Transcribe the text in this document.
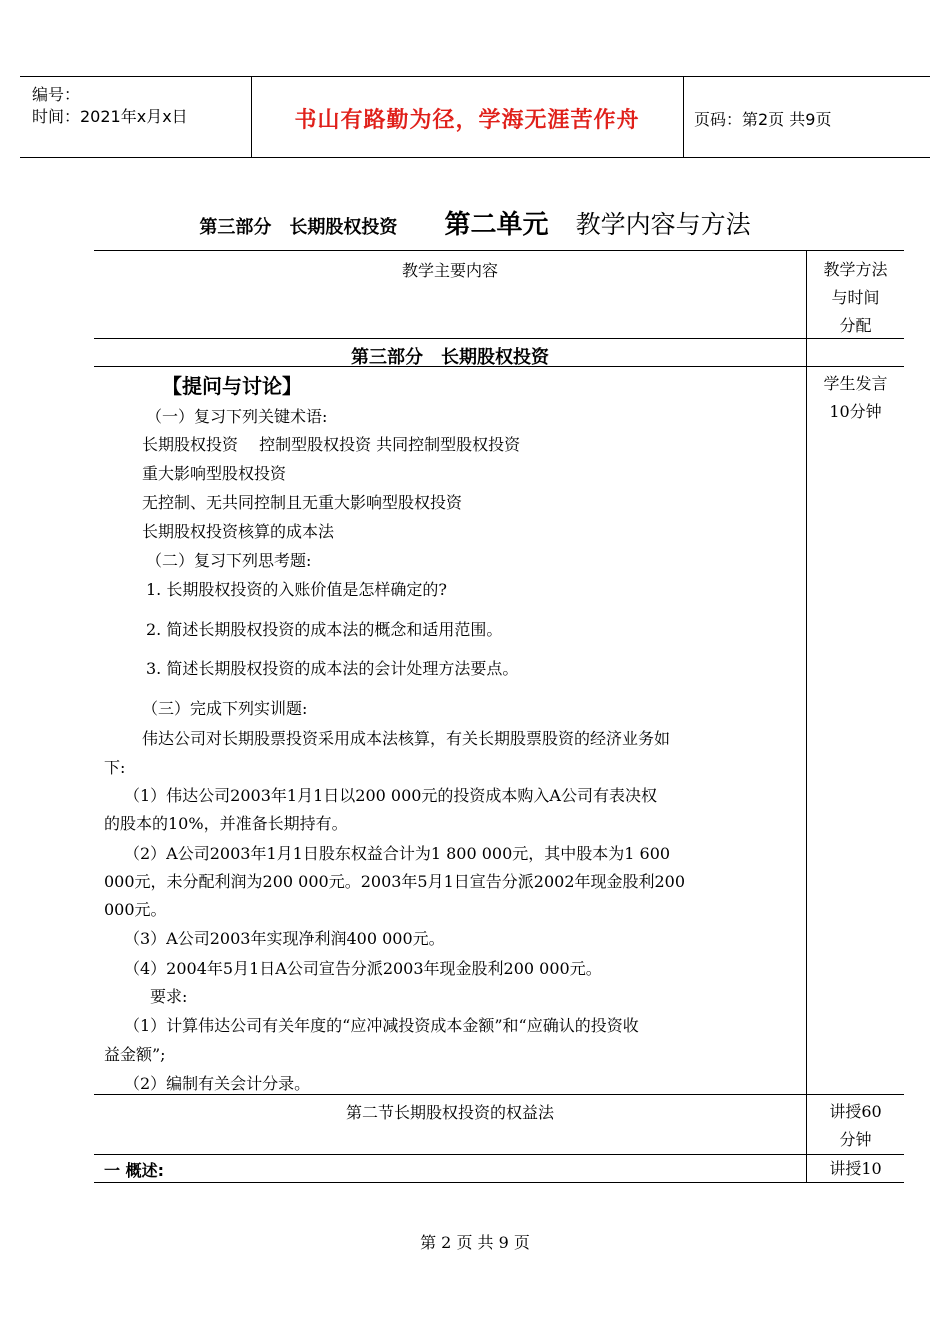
编号：
时间：2021年x月x日	书山有路勤为径，学海无涯苦作舟	页码：第2页 共9页
第三部分　长期股权投资 第二单元 教学内容与方法
教学主要内容	教学方法
与时间
分配
第三部分　长期股权投资
【提问与讨论】	学生发言
10分钟
（一）复习下列关键术语:
长期股权投资　 控制型股权投资 共同控制型股权投资
重大影响型股权投资
无控制、无共同控制且无重大影响型股权投资
长期股权投资核算的成本法
（二）复习下列思考题:
1. 长期股权投资的入账价值是怎样确定的?
2. 简述长期股权投资的成本法的概念和适用范围。
3. 简述长期股权投资的成本法的会计处理方法要点。
（三）完成下列实训题:
伟达公司对长期股票投资采用成本法核算，有关长期股票股资的经济业务如
下:
（1）伟达公司2003年1月1日以200 000元的投资成本购入A公司有表决权
的股本的10%，并准备长期持有。
（2）A公司2003年1月1日股东权益合计为1 800 000元，其中股本为1 600
000元，未分配利润为200 000元。2003年5月1日宣告分派2002年现金股利200
000元。
（3）A公司2003年实现净利润400 000元。
（4）2004年5月1日A公司宣告分派2003年现金股利200 000元。
要求:
（1）计算伟达公司有关年度的“应冲减投资成本金额”和“应确认的投资收
益金额”;
（2）编制有关会计分录。
第二节长期股权投资的权益法	讲授60
分钟
一 概述:	讲授10
第 2 页 共 9 页
